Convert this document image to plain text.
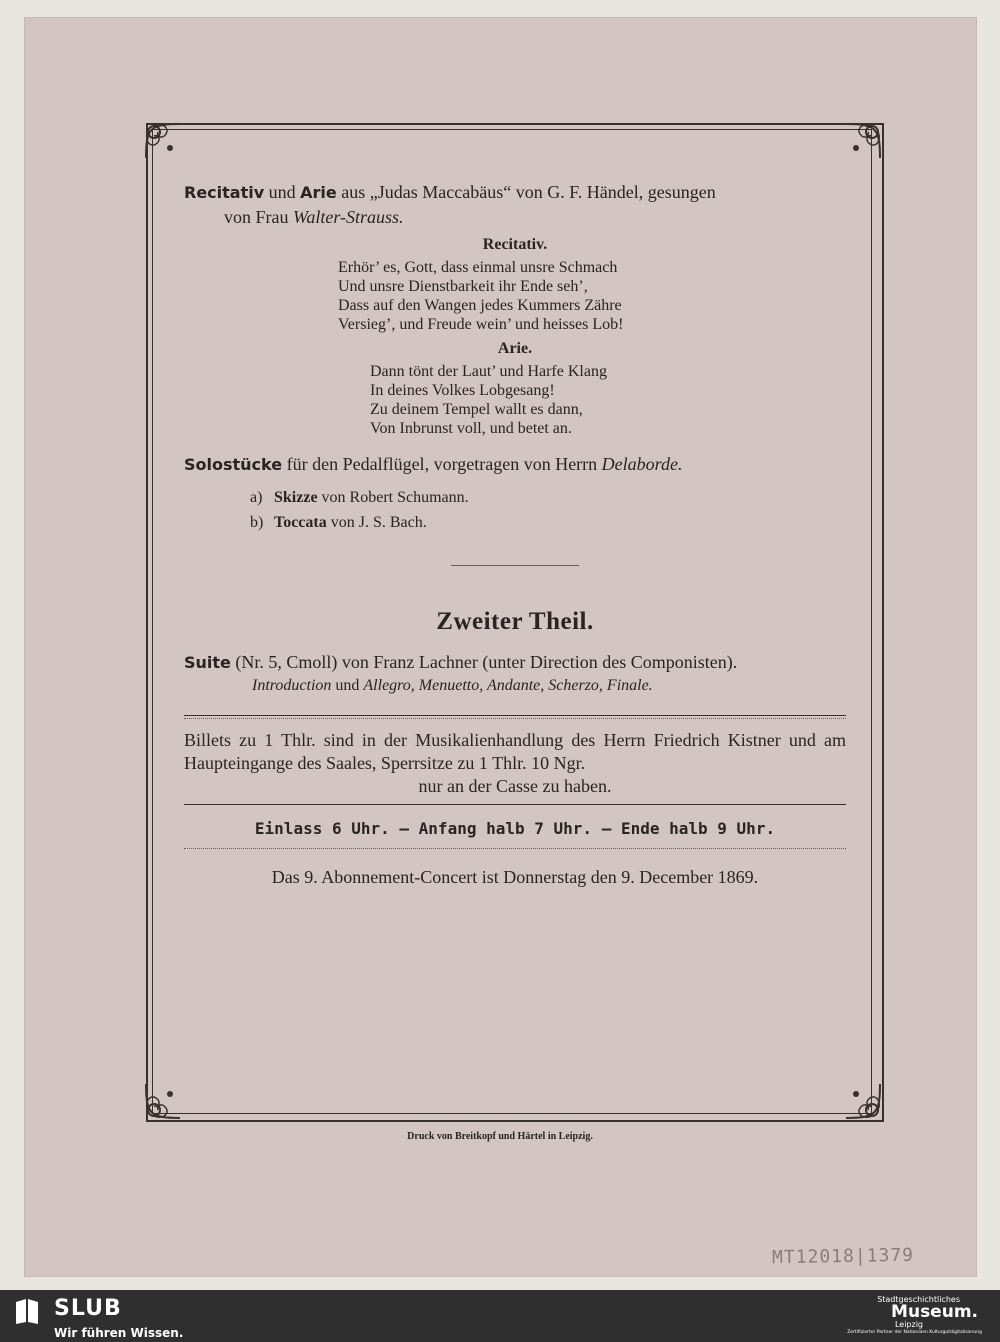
Recitativ und Arie aus „Judas Maccabäus“ von G. F. Händel, gesungen
von Frau Walter-Strauss.

Recitativ.
Erhör’ es, Gott, dass einmal unsre Schmach
Und unsre Dienstbarkeit ihr Ende seh’,
Dass auf den Wangen jedes Kummers Zähre
Versieg’, und Freude wein’ und heisses Lob!
Arie.
Dann tönt der Laut’ und Harfe Klang
In deines Volkes Lobgesang!
Zu deinem Tempel wallt es dann,
Von Inbrunst voll, und betet an.

Solostücke für den Pedalflügel, vorgetragen von Herrn Delaborde.

a) Skizze von Robert Schumann.
b) Toccata von J. S. Bach.
Zweiter Theil.

Suite (Nr. 5, Cmoll) von Franz Lachner (unter Direction des Componisten).

Introduction und Allegro, Menuetto, Andante, Scherzo, Finale.

Billets zu 1 Thlr. sind in der Musikalienhandlung des Herrn Friedrich Kistner und am Haupteingange des Saales, Sperrsitze zu 1 Thlr. 10 Ngr.
nur an der Casse zu haben.

Einlass 6 Uhr. — Anfang halb 7 Uhr. — Ende halb 9 Uhr.
Das 9. Abonnement-Concert ist Donnerstag den 9. December 1869.
Druck von Breitkopf und Härtel in Leipzig.
MT12018|1379
SLUB
Wir führen Wissen.
Stadtgeschichtliches
Museum.
Leipzig
Zertifizierter Partner der Nationalen Kulturgutdigitalisierung
